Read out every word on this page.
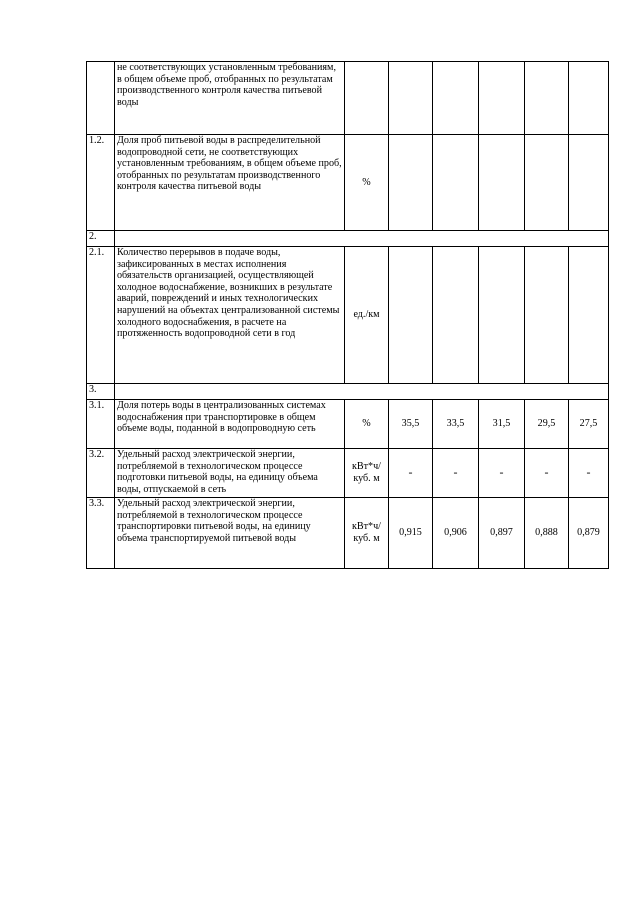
	не соответствующих установленным требованиям, в общем объеме проб, отобранных по результатам производственного контроля качества питьевой воды						
1.2.	Доля проб питьевой воды в распределительной водопроводной сети, не соответствующих установленным требованиям, в общем объеме проб, отобранных по результатам производственного контроля качества питьевой воды	%					
2.							
2.1.	Количество перерывов в подаче воды, зафиксированных в местах исполнения обязательств организацией, осуществляющей холодное водоснабжение, возникших в результате аварий, повреждений и иных технологических нарушений на объектах централизованной системы холодного водоснабжения, в расчете на протяженность водопроводной сети в год	ед./км					
3.							
3.1.	Доля потерь воды в централизованных системах водоснабжения при транспортировке в общем объеме воды, поданной в водопроводную сеть	%	35,5	33,5	31,5	29,5	27,5
3.2.	Удельный расход электрической энергии, потребляемой в технологическом процессе подготовки питьевой воды, на единицу объема воды, отпускаемой в сеть	кВт*ч/ куб. м	-	-	-	-	-
3.3.	Удельный расход электрической энергии, потребляемой в технологическом процессе транспортировки питьевой воды, на единицу объема транспортируемой питьевой воды	кВт*ч/ куб. м	0,915	0,906	0,897	0,888	0,879
